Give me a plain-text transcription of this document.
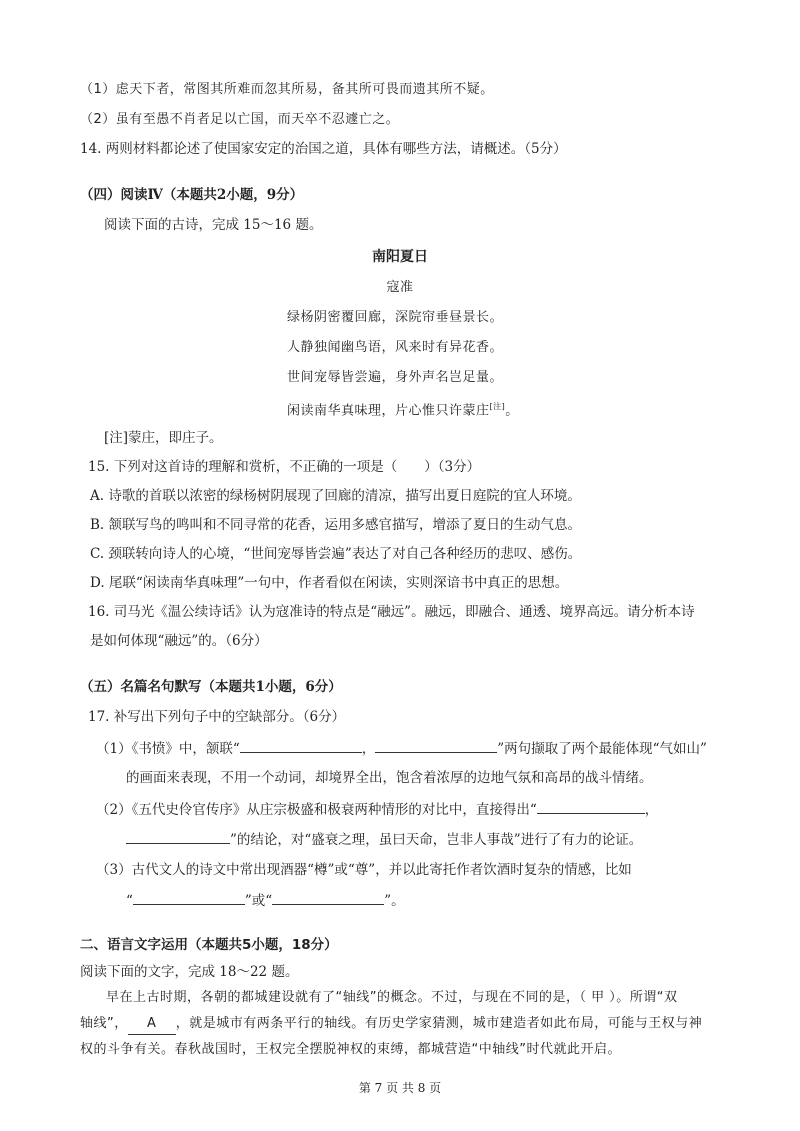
（1）虑天下者，常图其所难而忽其所易，备其所可畏而遗其所不疑。
（2）虽有至愚不肖者足以亡国，而天卒不忍遽亡之。
14. 两则材料都论述了使国家安定的治国之道，具体有哪些方法，请概述。（5分）
（四）阅读Ⅳ（本题共2小题，9分）
阅读下面的古诗，完成 15～16 题。
南阳夏日
寇准
绿杨阴密覆回廊，深院帘垂昼景长。
人静独闻幽鸟语，风来时有异花香。
世间宠辱皆尝遍，身外声名岂足量。
闲读南华真味理，片心惟只许蒙庄[注]。
[注]蒙庄，即庄子。
15. 下列对这首诗的理解和赏析，不正确的一项是（　　）（3分）
A. 诗歌的首联以浓密的绿杨树阴展现了回廊的清凉，描写出夏日庭院的宜人环境。
B. 颔联写鸟的鸣叫和不同寻常的花香，运用多感官描写，增添了夏日的生动气息。
C. 颈联转向诗人的心境，“世间宠辱皆尝遍”表达了对自己各种经历的悲叹、感伤。
D. 尾联“闲读南华真味理”一句中，作者看似在闲读，实则深谙书中真正的思想。
16. 司马光《温公续诗话》认为寇准诗的特点是“融远”。融远，即融合、通透、境界高远。请分析本诗
是如何体现“融远”的。（6分）
（五）名篇名句默写（本题共1小题，6分）
17. 补写出下列句子中的空缺部分。（6分）
（1）《书愤》中，颔联“	，	”两句撷取了两个最能体现“气如山”
的画面来表现，不用一个动词，却境界全出，饱含着浓厚的边地气氛和高昂的战斗情绪。
（2）《五代史伶官传序》从庄宗极盛和极衰两种情形的对比中，直接得出“	，
”的结论，对“盛衰之理，虽曰天命，岂非人事哉”进行了有力的论证。
（3）古代文人的诗文中常出现酒器“樽”或“尊”，并以此寄托作者饮酒时复杂的情感，比如
“	”或“	”。
二、语言文字运用（本题共5小题，18分）
阅读下面的文字，完成 18～22 题。
早在上古时期，各朝的都城建设就有了“轴线”的概念。不过，与现在不同的是，（ 甲 ）。所谓“双
轴线”， A ，就是城市有两条平行的轴线。有历史学家猜测，城市建造者如此布局，可能与王权与神
权的斗争有关。春秋战国时，王权完全摆脱神权的束缚，都城营造“中轴线”时代就此开启。
第 7 页 共 8 页
